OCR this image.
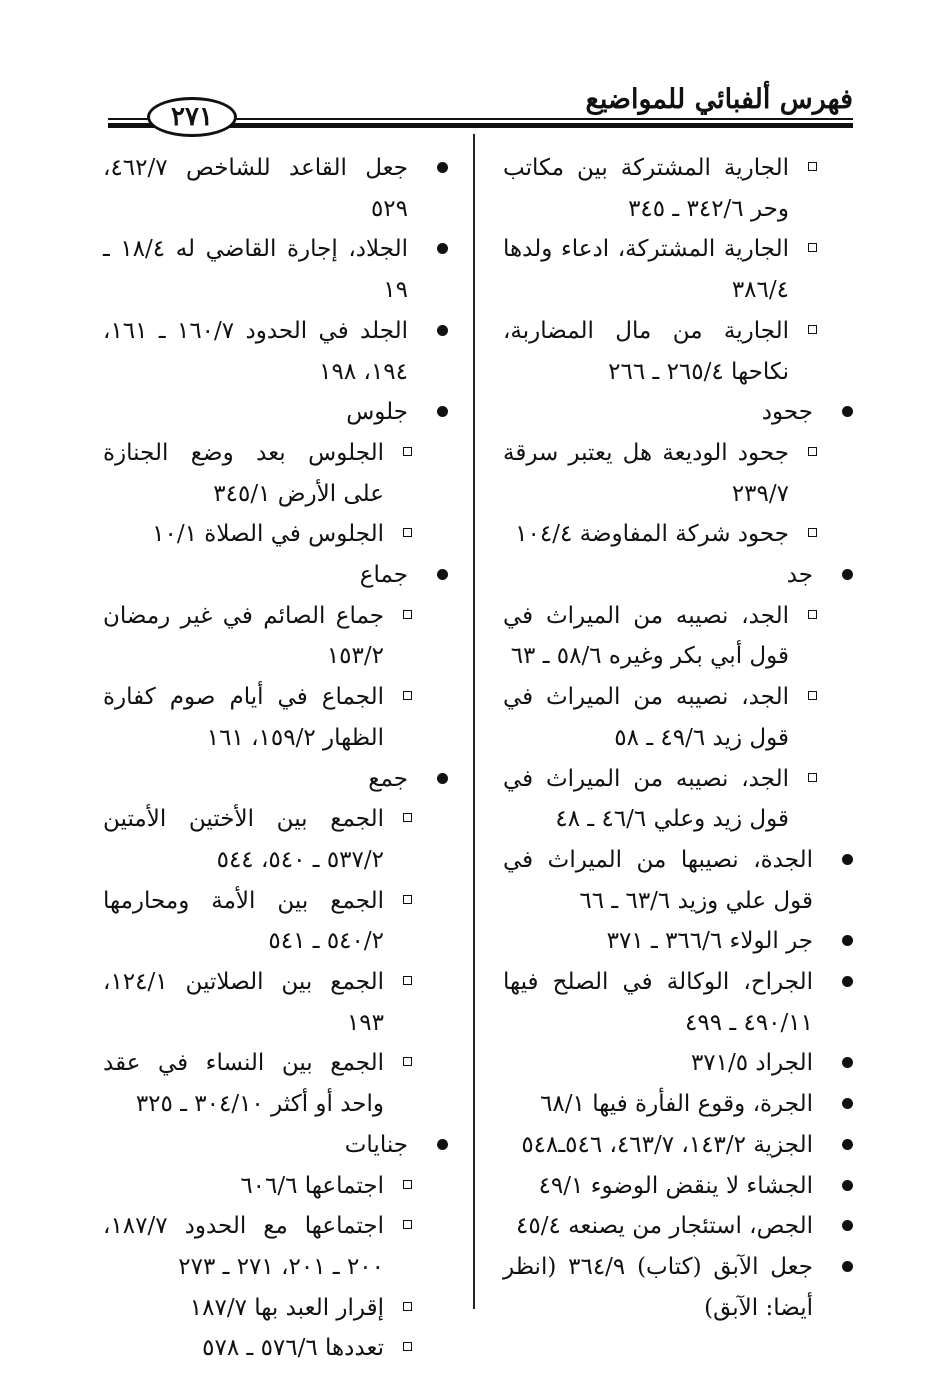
فهرس ألفبائي للمواضيع
٢٧١
الجارية المشتركة بين مكاتب وحر ٣٤٢/٦ ـ ٣٤٥
الجارية المشتركة، ادعاء ولدها ٣٨٦/٤
الجارية من مال المضاربة، نكاحها ٢٦٥/٤ ـ ٢٦٦
جحود
جحود الوديعة هل يعتبر سرقة ٢٣٩/٧
جحود شركة المفاوضة ١٠٤/٤
جد
الجد، نصيبه من الميراث في قول أبي بكر وغيره ٥٨/٦ ـ ٦٣
الجد، نصيبه من الميراث في قول زيد ٤٩/٦ ـ ٥٨
الجد، نصيبه من الميراث في قول زيد وعلي ٤٦/٦ ـ ٤٨
الجدة، نصيبها من الميراث في قول علي وزيد ٦٣/٦ ـ ٦٦
جر الولاء ٣٦٦/٦ ـ ٣٧١
الجراح، الوكالة في الصلح فيها ٤٩٠/١١ ـ ٤٩٩
الجراد ٣٧١/٥
الجرة، وقوع الفأرة فيها ٦٨/١
الجزية ١٤٣/٢، ٤٦٣/٧، ٥٤٦ـ٥٤٨
الجشاء لا ينقض الوضوء ٤٩/١
الجص، استئجار من يصنعه ٤٥/٤
جعل الآبق (كتاب) ٣٦٤/٩ (انظر أيضا: الآبق)
جعل القاعد للشاخص ٤٦٢/٧، ٥٢٩
الجلاد، إجارة القاضي له ١٨/٤ ـ ١٩
الجلد في الحدود ١٦٠/٧ ـ ١٦١، ١٩٤، ١٩٨
جلوس
الجلوس بعد وضع الجنازة على الأرض ٣٤٥/١
الجلوس في الصلاة ١٠/١
جماع
جماع الصائم في غير رمضان ١٥٣/٢
الجماع في أيام صوم كفارة الظهار ١٥٩/٢، ١٦١
جمع
الجمع بين الأختين الأمتين ٥٣٧/٢ ـ ٥٤٠، ٥٤٤
الجمع بين الأمة ومحارمها ٥٤٠/٢ ـ ٥٤١
الجمع بين الصلاتين ١٢٤/١، ١٩٣
الجمع بين النساء في عقد واحد أو أكثر ٣٠٤/١٠ ـ ٣٢٥
جنايات
اجتماعها ٦٠٦/٦
اجتماعها مع الحدود ١٨٧/٧، ٢٠٠ ـ ٢٠١، ٢٧١ ـ ٢٧٣
إقرار العبد بها ١٨٧/٧
تعددها ٥٧٦/٦ ـ ٥٧٨
